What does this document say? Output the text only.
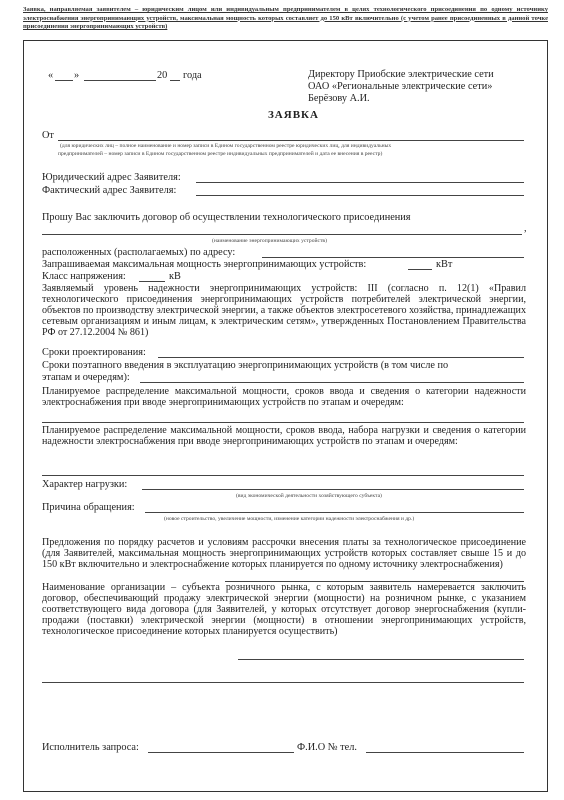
Заявка, направляемая заявителем – юридическим лицом или индивидуальным предпринимателем в целях технологического присоединения по одному источнику электроснабжения энергопринимающих устройств, максимальная мощность которых составляет до 150 кВт включительно (с учетом ранее присоединенных в данной точке присоединения энергопринимающих устройств)
« »	20 года	Директору Приобские электрические сети
ОАО «Региональные электрические сети»
Берёзову А.И.
ЗАЯВКА
От
(для юридических лиц – полное наименование и номер записи в Едином государственном реестре юридических лиц, для индивидуальных
предпринимателей – номер записи в Едином государственном реестре индивидуальных предпринимателей и дата ее внесения в реестр)
Юридический адрес Заявителя:
Фактический адрес Заявителя:
Прошу Вас заключить договор об осуществлении технологического присоединения
,
(наименование энергопринимающих устройств)
расположенных (располагаемых) по адресу:
Запрашиваемая максимальная мощность энергопринимающих устройств:	кВт
Класс напряжения:	кВ
Заявляемый уровень надежности энергопринимающих устройств: III (согласно п. 12(1) «Правил технологического присоединения энергопринимающих устройств потребителей электрической энергии, объектов по производству электрической энергии, а также объектов электросетевого хозяйства, принадлежащих сетевым организациям и иным лицам, к электрическим сетям», утвержденных Постановлением Правительства РФ от 27.12.2004 № 861)
Сроки проектирования:
Сроки поэтапного введения в эксплуатацию энергопринимающих устройств (в том числе по
этапам и очередям):
Планируемое распределение максимальной мощности, сроков ввода и сведения о категории надежности электроснабжения при вводе энергопринимающих устройств по этапам и очередям:
Планируемое распределение максимальной мощности, сроков ввода, набора нагрузки и сведения о категории надежности электроснабжения при вводе энергопринимающих устройств по этапам и очередям:
Характер нагрузки:
(вид экономической деятельности хозяйствующего субъекта)
Причина обращения:
(новое строительство, увеличение мощности, изменение категории надежности электроснабжения и др.)
Предложения по порядку расчетов и условиям рассрочки внесения платы за технологическое присоединение (для Заявителей, максимальная мощность энергопринимающих устройств которых составляет свыше 15 и до 150 кВт включительно и электроснабжение которых планируется по одному источнику электроснабжения)
Наименование организации – субъекта розничного рынка, с которым заявитель намеревается заключить договор, обеспечивающий продажу электрической энергии (мощности) на розничном рынке, с указанием соответствующего вида договора (для Заявителей, у которых отсутствует договор энергоснабжения (купли-продажи (поставки) электрической энергии (мощности) в отношении энергопринимающих устройств, технологическое присоединение которых планируется осуществить)
Исполнитель запроса:	Ф.И.О № тел.
